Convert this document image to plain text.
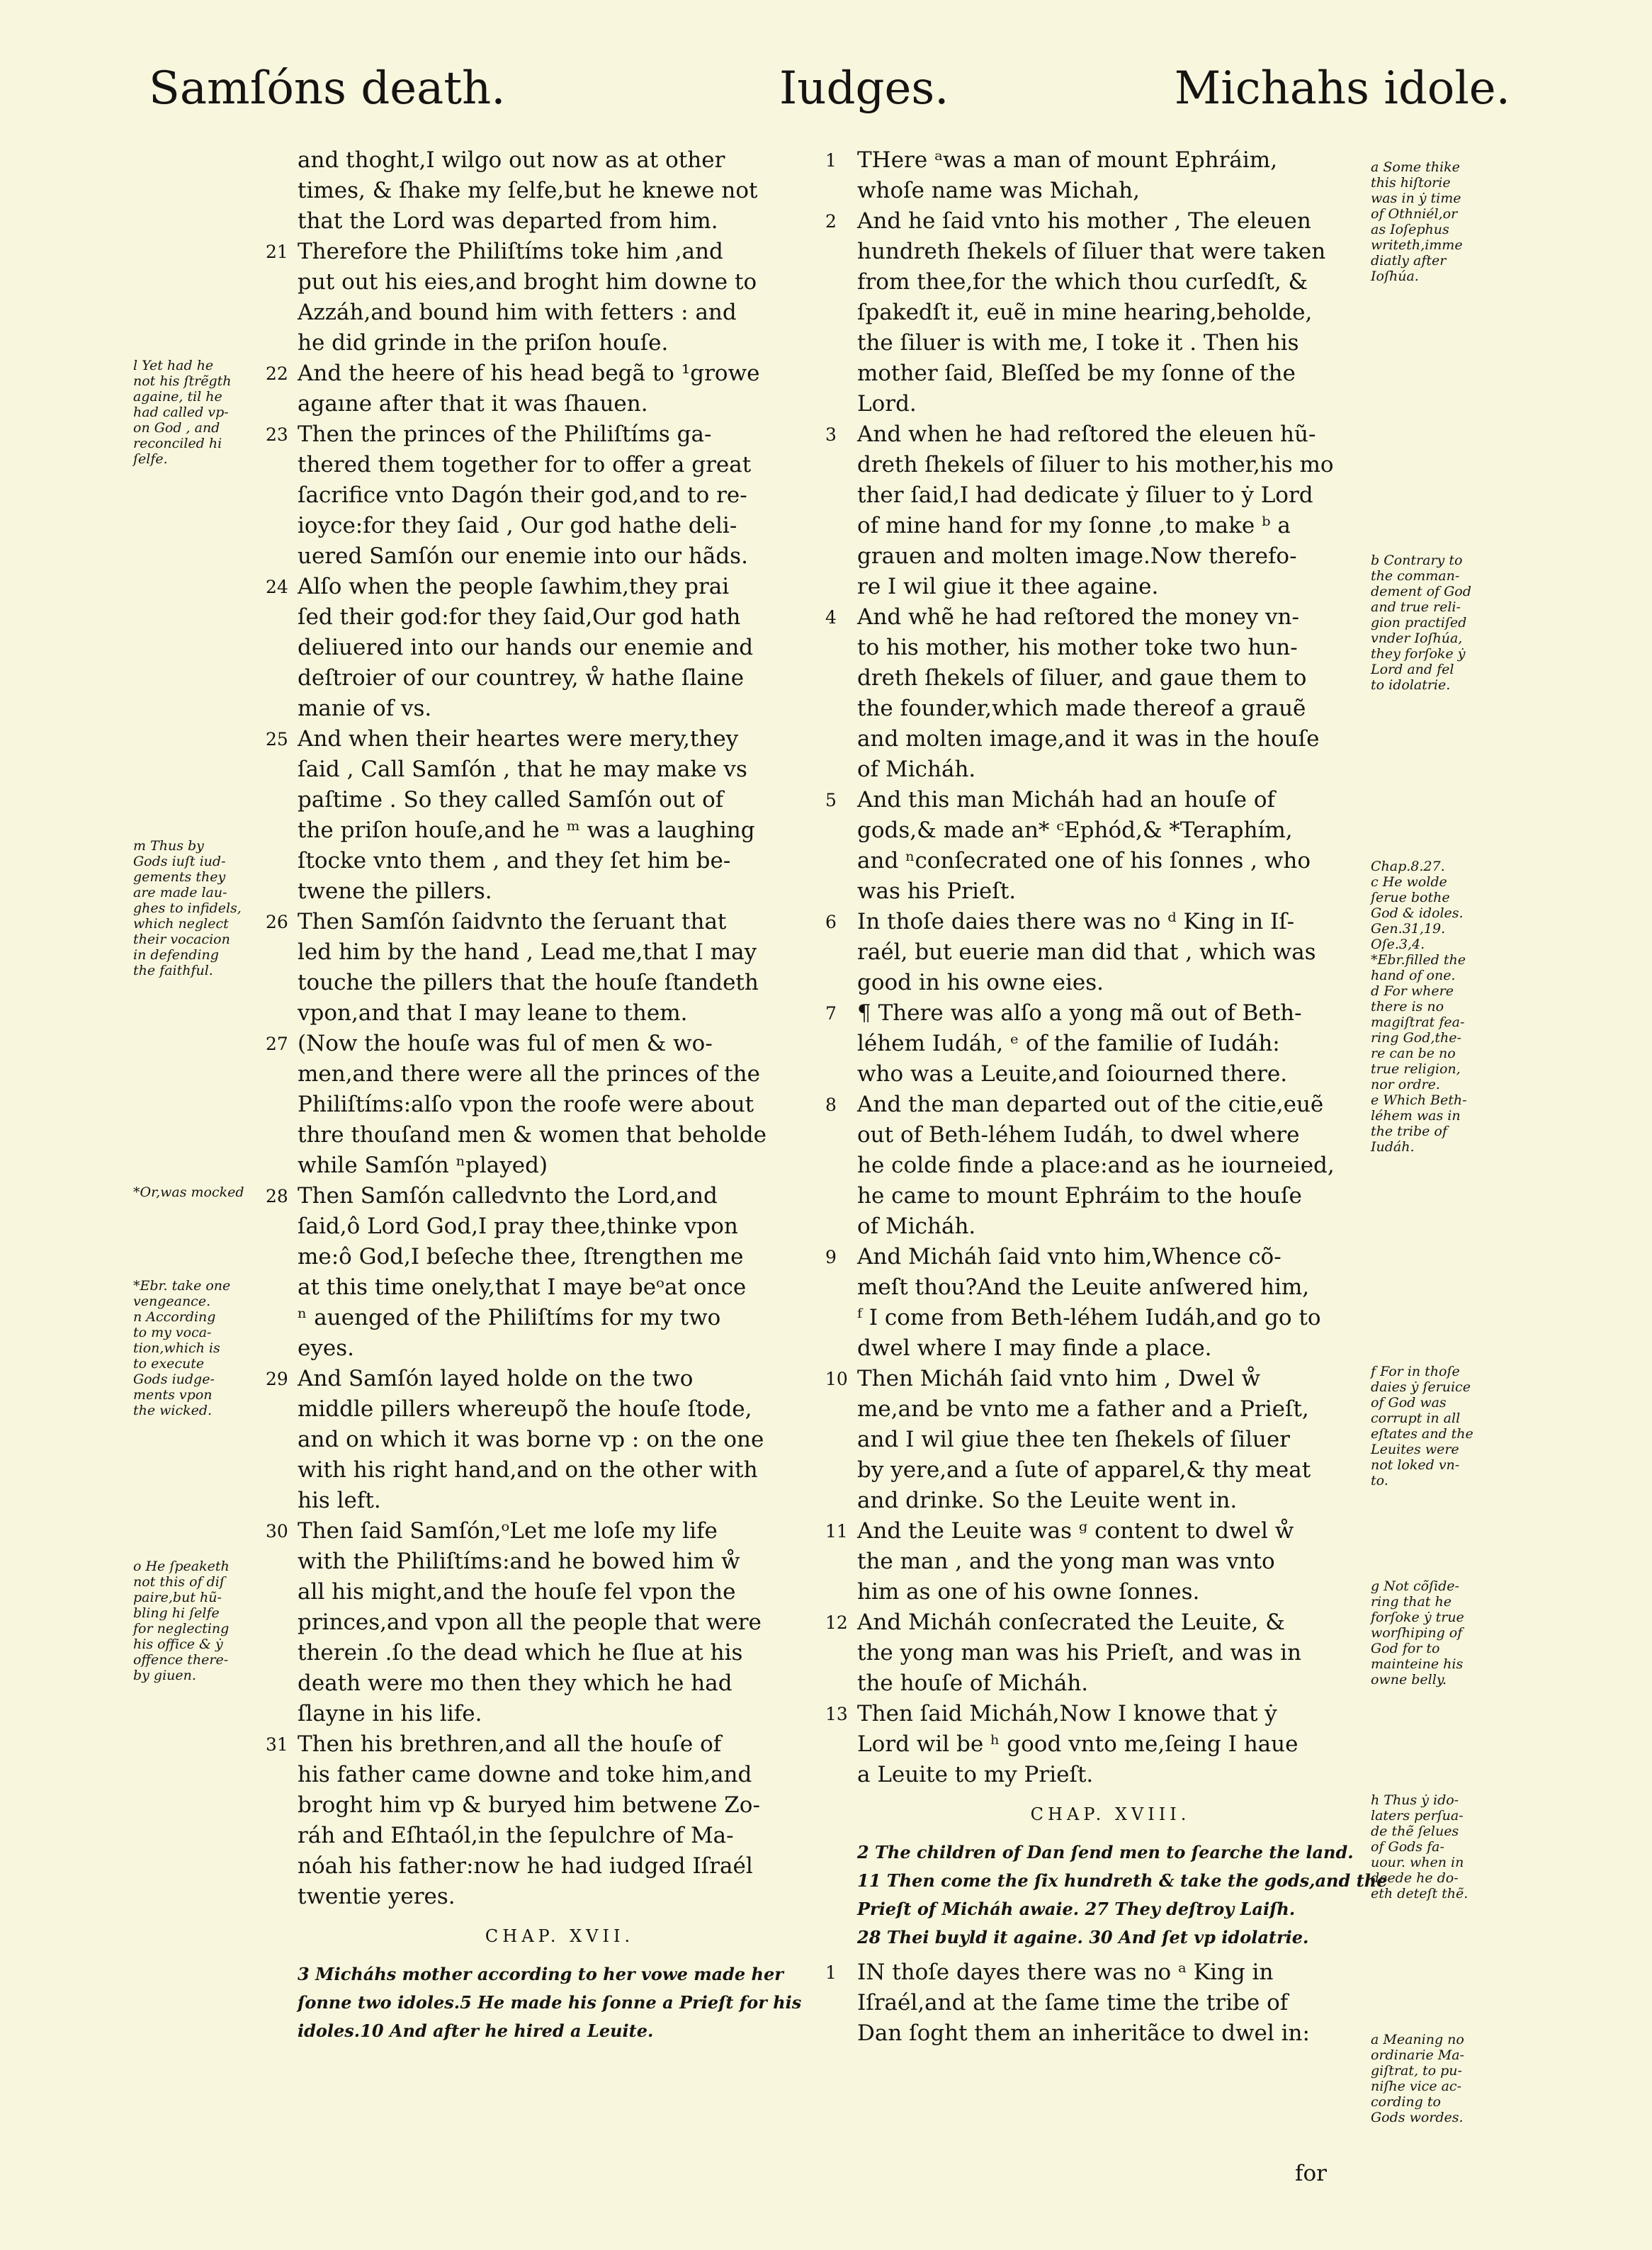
Samſóns death.	Iudges.	Michahs idole.
and thoght,I wilgo out now as at other
times, & ſhake my ſelfe,but he knewe not
that the Lord was departed from him.
21 Therefore the Philiſtíms toke him ,and
put out his eies,and broght him downe to
Azzáh,and bound him with fetters : and
he did grinde in the priſon houſe.
22 And the heere of his head begã to ¹growe
agaıne after that it was ſhauen.
23 Then the princes of the Philiſtíms ga-
thered them together for to offer a great
ſacrifice vnto Dagón their god,and to re-
ioyce:for they ſaid , Our god hathe deli-
uered Samſón our enemie into our hãds.
24 Alſo when the people ſawhim,they prai
ſed their god:for they ſaid,Our god hath
deliuered into our hands our enemie and
deſtroier of our countrey, ẘ hathe ſlaine
manie of vs.
25 And when their heartes were mery,they
ſaid , Call Samſón , that he may make vs
paſtime . So they called Samſón out of
the priſon houſe,and he ᵐ was a laughing
ſtocke vnto them , and they ſet him be-
twene the pillers.
26 Then Samſón ſaidvnto the ſeruant that
led him by the hand , Lead me,that I may
touche the pillers that the houſe ſtandeth
vpon,and that I may leane to them.
27 (Now the houſe was ful of men & wo-
men,and there were all the princes of the
Philiſtíms:alſo vpon the roofe were about
thre thouſand men & women that beholde
while Samſón ⁿplayed)
28 Then Samſón calledvnto the Lord,and
ſaid,ô Lord God,I pray thee,thinke vpon
me:ô God,I beſeche thee, ſtrengthen me
at this time onely,that I maye beᵒat once
ⁿ auenged of the Philiſtíms for my two
eyes.
29 And Samſón layed holde on the two
middle pillers whereupõ the houſe ſtode,
and on which it was borne vp : on the one
with his right hand,and on the other with
his left.
30 Then ſaid Samſón,ᵒLet me loſe my life
with the Philiſtíms:and he bowed him ẘ
all his might,and the houſe fel vpon the
princes,and vpon all the people that were
therein .ſo the dead which he ſlue at his
death were mo then they which he had
ſlayne in his life.
31 Then his brethren,and all the houſe of
his father came downe and toke him,and
broght him vp & buryed him betwene Zo-
ráh and Eſhtaól,in the ſepulchre of Ma-
nóah his father:now he had iudged Iſraél
twentie yeres.
CHAP. XVII.
3 Micháhs mother according to her vowe made her
ſonne two idoles.5 He made his ſonne a Prieſt for his
idoles.10 And after he hired a Leuite.
1 THere ᵃwas a man of mount Ephráim,
whoſe name was Michah,
2 And he ſaid vnto his mother , The eleuen
hundreth ſhekels of ſiluer that were taken
from thee,for the which thou curſedſt, &
ſpakedſt it, euẽ in mine hearing,beholde,
the ſiluer is with me, I toke it . Then his
mother ſaid, Bleſſed be my ſonne of the
Lord.
3 And when he had reſtored the eleuen hũ-
dreth ſhekels of ſiluer to his mother,his mo
ther ſaid,I had dedicate ẏ ſiluer to ẏ Lord
of mine hand for my ſonne ,to make ᵇ a
grauen and molten image.Now therefo-
re I wil giue it thee againe.
4 And whẽ he had reſtored the money vn-
to his mother, his mother toke two hun-
dreth ſhekels of ſiluer, and gaue them to
the founder,which made thereof a grauẽ
and molten image,and it was in the houſe
of Micháh.
5 And this man Micháh had an houſe of
gods,& made an* ᶜEphód,& *Teraphím,
and ⁿconſecrated one of his ſonnes , who
was his Prieſt.
6 In thoſe daies there was no ᵈ King in Iſ-
raél, but euerie man did that , which was
good in his owne eies.
7 ¶ There was alſo a yong mã out of Beth-
léhem Iudáh, ᵉ of the familie of Iudáh:
who was a Leuite,and ſoiourned there.
8 And the man departed out of the citie,euẽ
out of Beth-léhem Iudáh, to dwel where
he colde finde a place:and as he iourneied,
he came to mount Ephráim to the houſe
of Micháh.
9 And Micháh ſaid vnto him,Whence cõ-
meſt thou?And the Leuite anſwered him,
ᶠ I come from Beth-léhem Iudáh,and go to
dwel where I may finde a place.
10 Then Micháh ſaid vnto him , Dwel ẘ
me,and be vnto me a father and a Prieſt,
and I wil giue thee ten ſhekels of ſiluer
by yere,and a ſute of apparel,& thy meat
and drinke. So the Leuite went in.
11 And the Leuite was ᵍ content to dwel ẘ
the man , and the yong man was vnto
him as one of his owne ſonnes.
12 And Micháh conſecrated the Leuite, &
the yong man was his Prieſt, and was in
the houſe of Micháh.
13 Then ſaid Micháh,Now I knowe that ẏ
Lord wil be ʰ good vnto me,ſeing I haue
a Leuite to my Prieſt.
CHAP. XVIII.
2 The children of Dan ſend men to ſearche the land.
11 Then come the ſix hundreth & take the gods,and the
Prieſt of Micháh awaie. 27 They deſtroy Laiſh.
28 Thei buyld it againe. 30 And ſet vp idolatrie.
1 IN thoſe dayes there was no ᵃ King in
Iſraél,and at the ſame time the tribe of
Dan ſoght them an inheritãce to dwel in:
for
l Yet had he
not his ſtrẽgth
againe, til he
had called vp-
on God , and
reconciled hi
ſelfe.
m Thus by
Gods iuſt iud-
gements they
are made lau-
ghes to infidels,
which neglect
their vocacion
in defending
the faithful.
*Or,was mocked
*Ebr. take one
vengeance.
n According
to my voca-
tion,which is
to execute
Gods iudge-
ments vpon
the wicked.
o He ſpeaketh
not this of diſ
paire,but hũ-
bling hi ſelfe
for neglecting
his office & ẏ
offence there-
by giuen.
a Some thike
this hiſtorie
was in ẏ time
of Othniél,or
as Ioſephus
writeth,imme
diatly after
Ioſhúa.
b Contrary to
the comman-
dement of God
and true reli-
gion practiſed
vnder Ioſhúa,
they forſoke ẏ
Lord and fel
to idolatrie.
Chap.8.27.
c He wolde
ſerue bothe
God & idoles.
Gen.31,19.
Oſe.3,4.
*Ebr.filled the
hand of one.
d For where
there is no
magiſtrat fea-
ring God,the-
re can be no
true religion,
nor ordre.
e Which Beth-
léhem was in
the tribe of
Iudáh.
f For in thoſe
daies ẏ ſeruice
of God was
corrupt in all
eſtates and the
Leuites were
not loked vn-
to.
g Not cõſide-
ring that he
forſoke ẏ true
worſhiping of
God for to
mainteine his
owne belly.
h Thus ẏ ido-
laters perſua-
de thẽ ſelues
of Gods fa-
uour. when in
deede he do-
eth deteſt thẽ.
a Meaning no
ordinarie Ma-
giſtrat, to pu-
niſhe vice ac-
cording to
Gods wordes.
